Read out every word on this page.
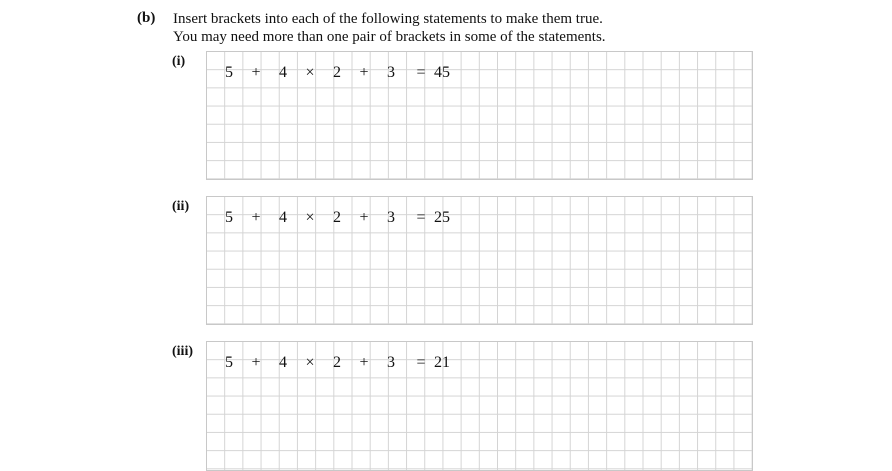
(b) Insert brackets into each of the following statements to make them true.
You may need more than one pair of brackets in some of the statements.
(i)
5 + 4 × 2 + 3 = 45
(ii)
5 + 4 × 2 + 3 = 25
(iii)
5 + 4 × 2 + 3 = 21
